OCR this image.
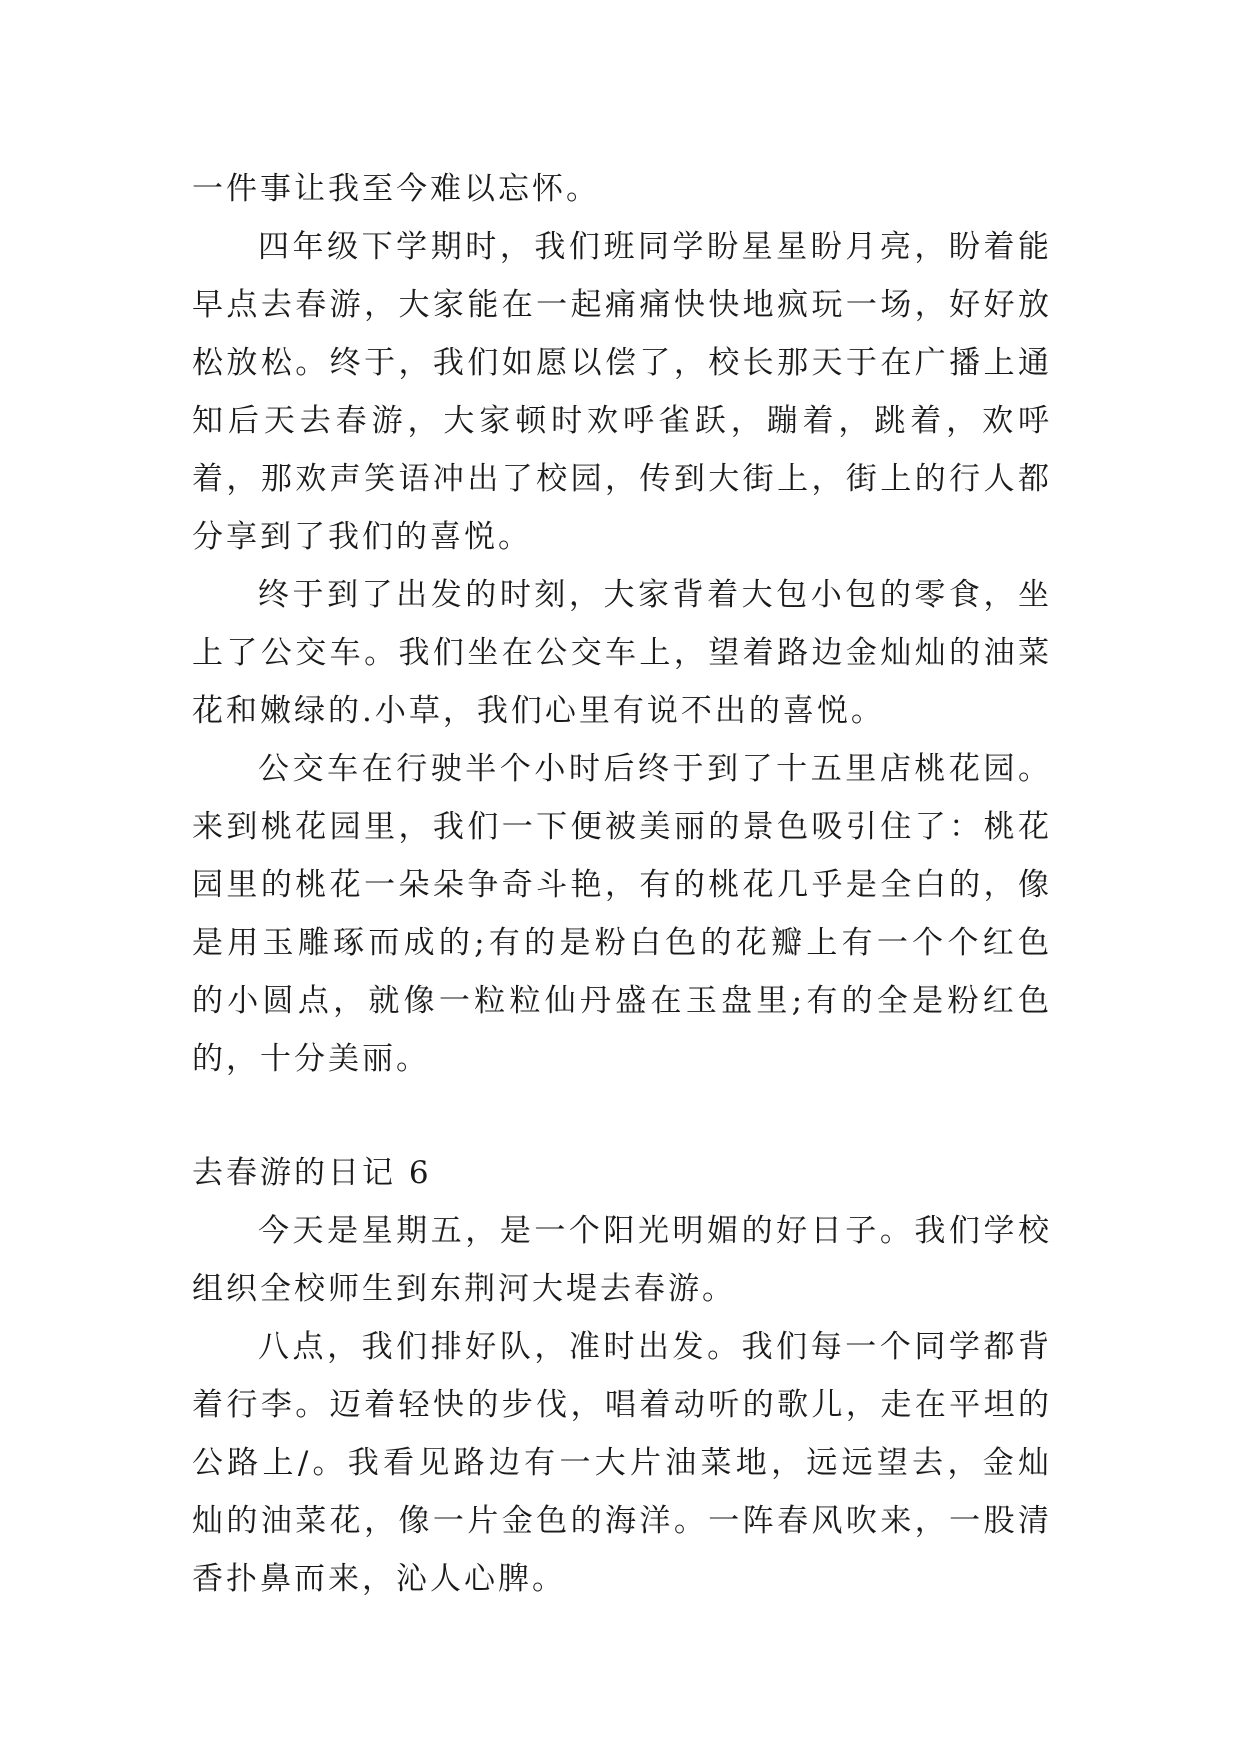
一件事让我至今难以忘怀。

四年级下学期时，我们班同学盼星星盼月亮，盼着能早点去春游，大家能在一起痛痛快快地疯玩一场，好好放松放松。终于，我们如愿以偿了，校长那天于在广播上通知后天去春游，大家顿时欢呼雀跃，蹦着，跳着，欢呼着，那欢声笑语冲出了校园，传到大街上，街上的行人都分享到了我们的喜悦。

终于到了出发的时刻，大家背着大包小包的零食，坐上了公交车。我们坐在公交车上，望着路边金灿灿的油菜花和嫩绿的.小草，我们心里有说不出的喜悦。

公交车在行驶半个小时后终于到了十五里店桃花园。来到桃花园里，我们一下便被美丽的景色吸引住了：桃花园里的桃花一朵朵争奇斗艳，有的桃花几乎是全白的，像是用玉雕琢而成的;有的是粉白色的花瓣上有一个个红色的小圆点，就像一粒粒仙丹盛在玉盘里;有的全是粉红色的，十分美丽。

去春游的日记 6

今天是星期五，是一个阳光明媚的好日子。我们学校组织全校师生到东荆河大堤去春游。

八点，我们排好队，准时出发。我们每一个同学都背着行李。迈着轻快的步伐，唱着动听的歌儿，走在平坦的公路上/。我看见路边有一大片油菜地，远远望去，金灿灿的油菜花，像一片金色的海洋。一阵春风吹来，一股清香扑鼻而来，沁人心脾。
